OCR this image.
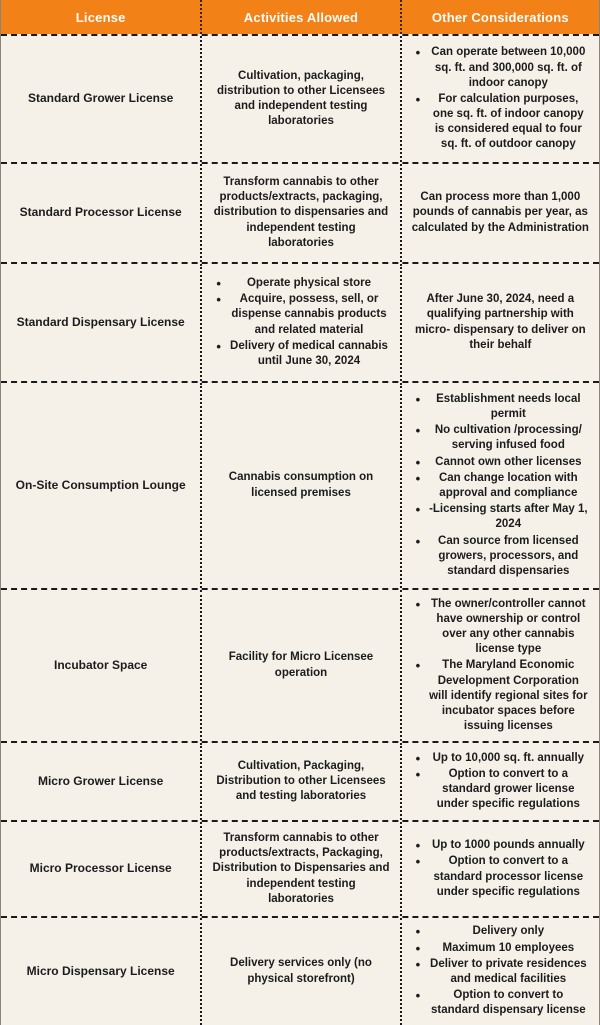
License	Activities Allowed	Other Considerations
Standard Grower License
Cultivation, packaging, distribution to other Licensees and independent testing laboratories
• Can operate between 10,000 sq. ft. and 300,000 sq. ft. of indoor canopy
• For calculation purposes, one sq. ft. of indoor canopy is considered equal to four sq. ft. of outdoor canopy
Standard Processor License
Transform cannabis to other products/extracts, packaging, distribution to dispensaries and independent testing laboratories
Can process more than 1,000 pounds of cannabis per year, as calculated by the Administration
Standard Dispensary License
• Operate physical store
• Acquire, possess, sell, or dispense cannabis products and related material
• Delivery of medical cannabis until June 30, 2024
After June 30, 2024, need a qualifying partnership with micro- dispensary to deliver on their behalf
On-Site Consumption Lounge
Cannabis consumption on licensed premises
• Establishment needs local permit
• No cultivation /processing/ serving infused food
• Cannot own other licenses
• Can change location with approval and compliance
• -Licensing starts after May 1, 2024
• Can source from licensed growers, processors, and standard dispensaries
Incubator Space
Facility for Micro Licensee operation
• The owner/controller cannot have ownership or control over any other cannabis license type
• The Maryland Economic Development Corporation will identify regional sites for incubator spaces before issuing licenses
Micro Grower License
Cultivation, Packaging, Distribution to other Licensees and testing laboratories
• Up to 10,000 sq. ft. annually
• Option to convert to a standard grower license under specific regulations
Micro Processor License
Transform cannabis to other products/extracts, Packaging, Distribution to Dispensaries and independent testing laboratories
• Up to 1000 pounds annually
• Option to convert to a standard processor license under specific regulations
Micro Dispensary License
Delivery services only (no physical storefront)
• Delivery only
• Maximum 10 employees
• Deliver to private residences and medical facilities
• Option to convert to standard dispensary license
